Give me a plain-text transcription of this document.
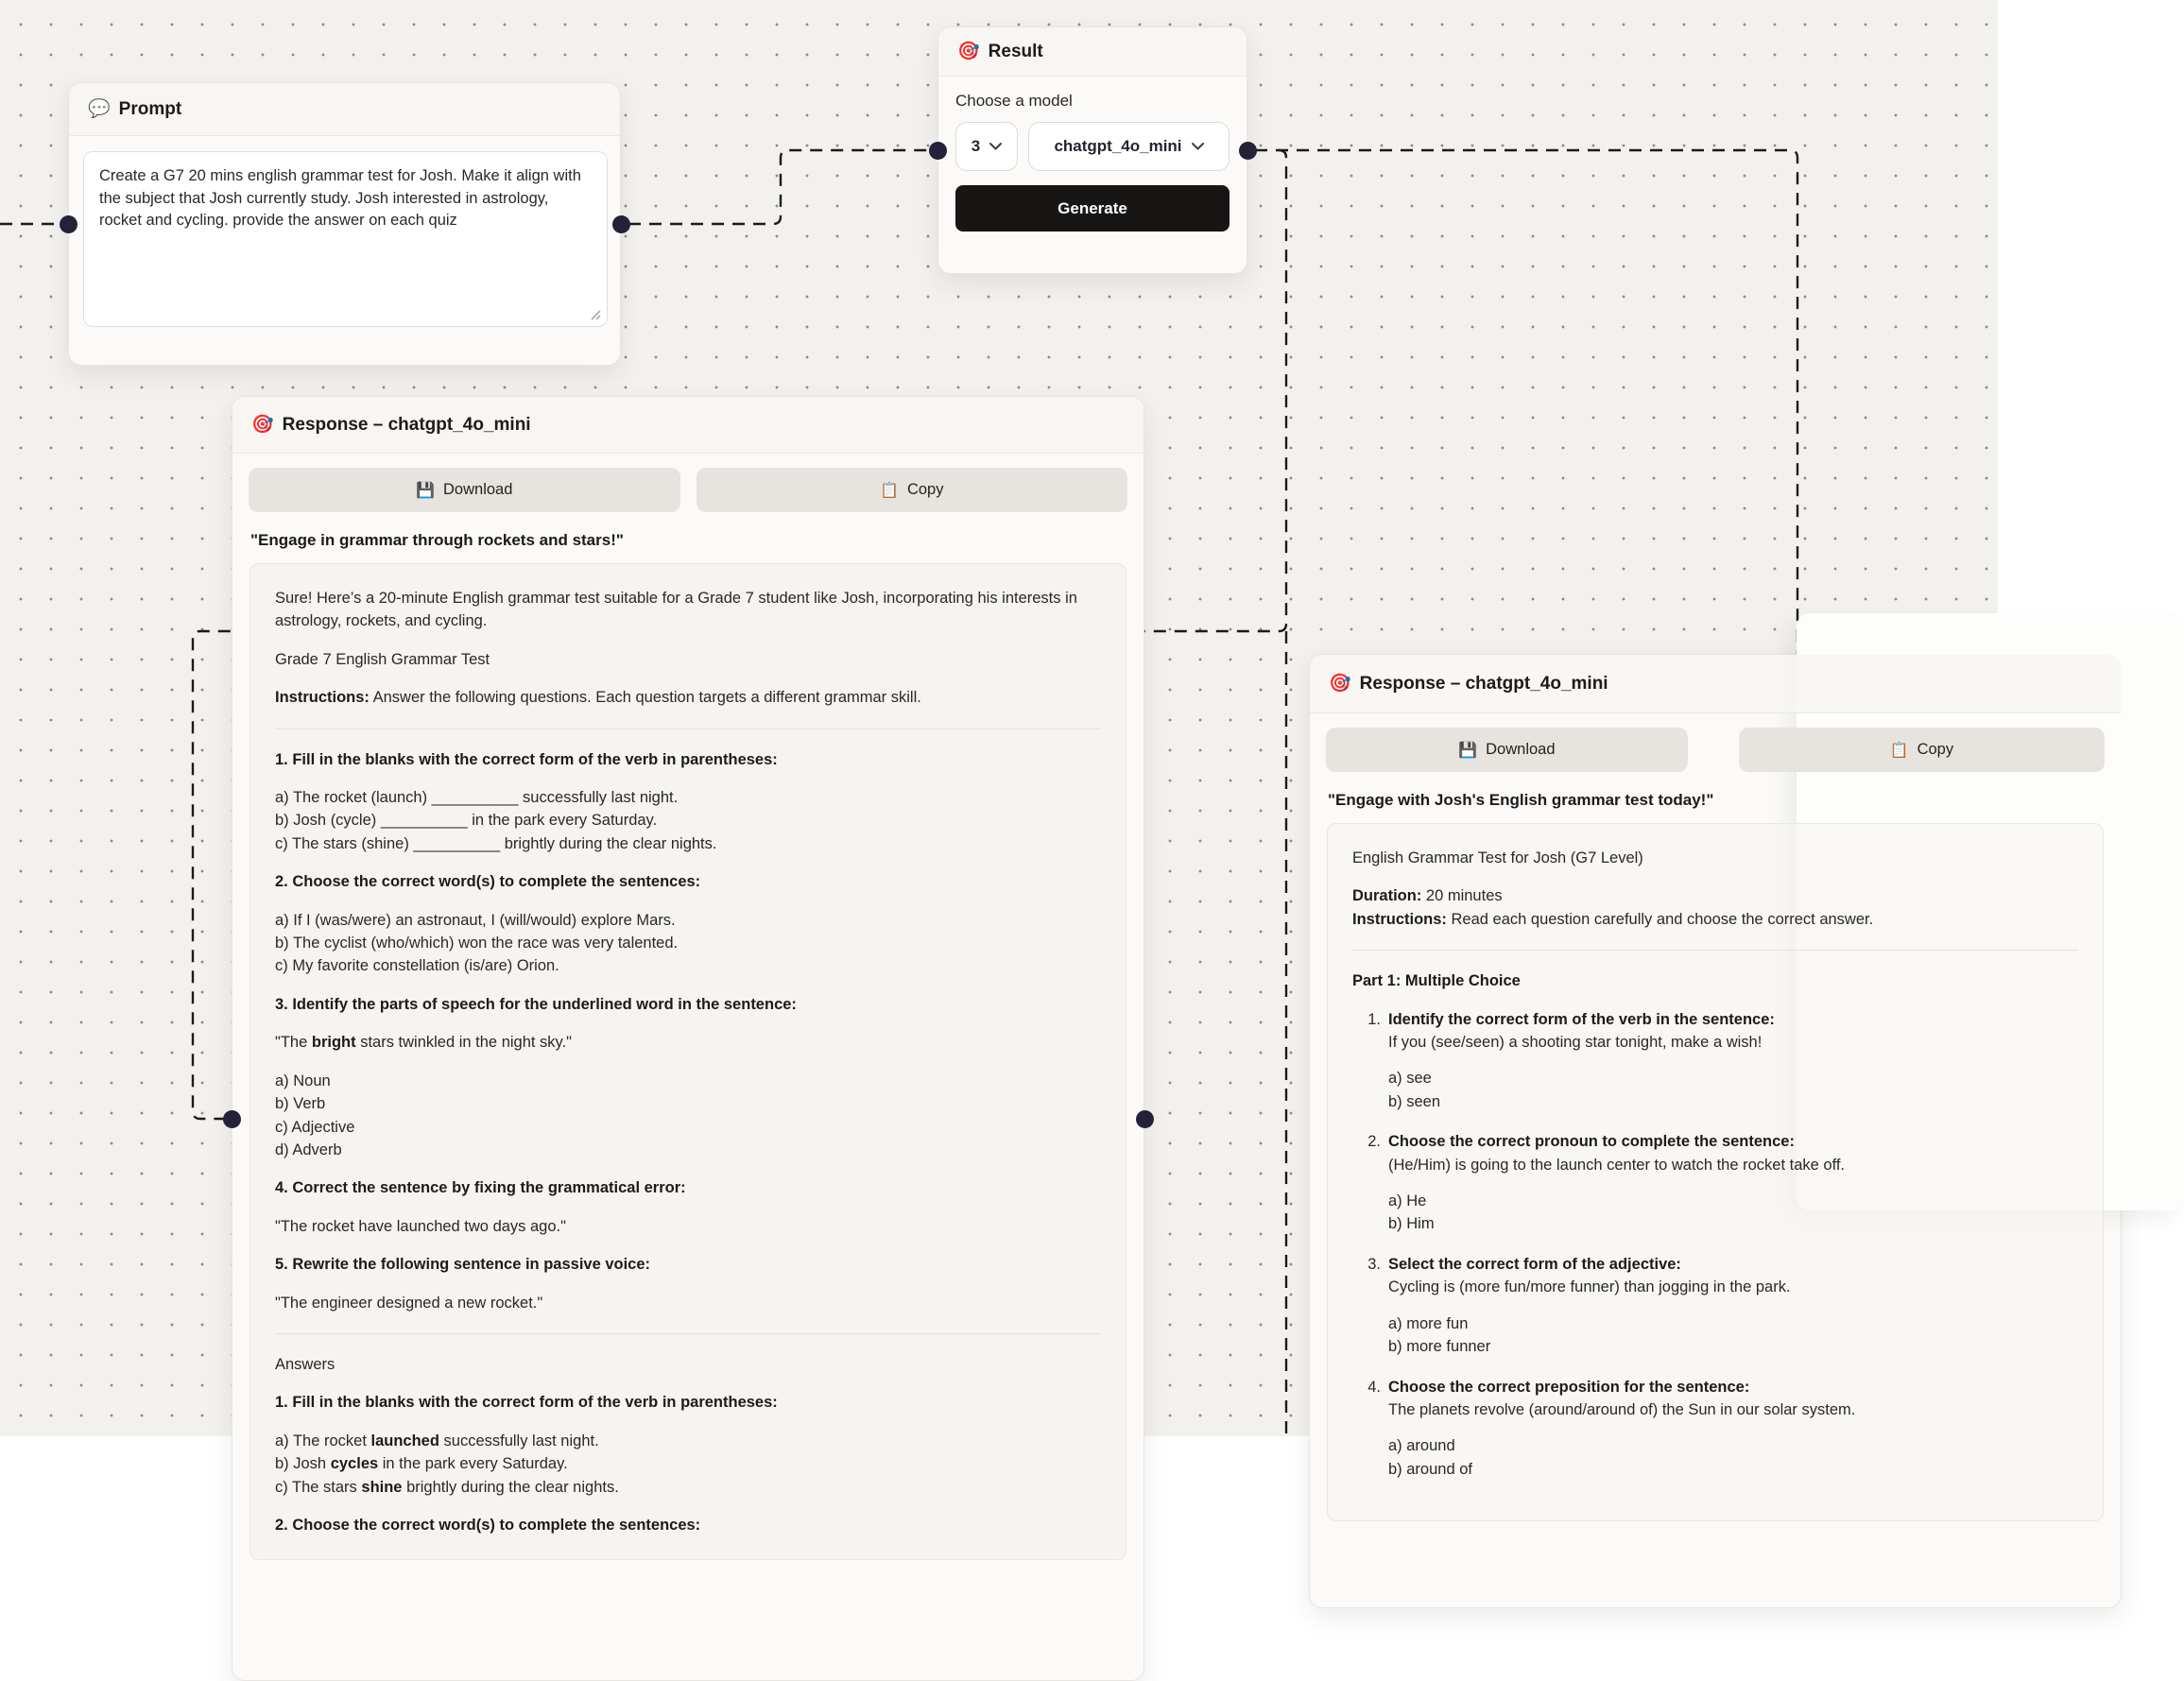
💬 Prompt
Create a G7 20 mins english grammar test for Josh. Make it align with the subject that Josh currently study. Josh interested in astrology, rocket and cycling. provide the answer on each quiz
🎯 Result
Choose a model
3	chatgpt_4o_mini
Generate
🎯 Response – chatgpt_4o_mini
💾 Download	📋 Copy
"Engage in grammar through rockets and stars!"
Sure! Here’s a 20-minute English grammar test suitable for a Grade 7 student like Josh, incorporating his interests in astrology, rockets, and cycling.
Grade 7 English Grammar Test
Instructions: Answer the following questions. Each question targets a different grammar skill.
1. Fill in the blanks with the correct form of the verb in parentheses:
a) The rocket (launch) __________ successfully last night.
b) Josh (cycle) __________ in the park every Saturday.
c) The stars (shine) __________ brightly during the clear nights.
2. Choose the correct word(s) to complete the sentences:
a) If I (was/were) an astronaut, I (will/would) explore Mars.
b) The cyclist (who/which) won the race was very talented.
c) My favorite constellation (is/are) Orion.
3. Identify the parts of speech for the underlined word in the sentence:
"The bright stars twinkled in the night sky."
a) Noun
b) Verb
c) Adjective
d) Adverb
4. Correct the sentence by fixing the grammatical error:
"The rocket have launched two days ago."
5. Rewrite the following sentence in passive voice:
"The engineer designed a new rocket."
Answers
1. Fill in the blanks with the correct form of the verb in parentheses:
a) The rocket launched successfully last night.
b) Josh cycles in the park every Saturday.
c) The stars shine brightly during the clear nights.
2. Choose the correct word(s) to complete the sentences:
🎯 Response – chatgpt_4o_mini
💾 Download	📋 Copy
"Engage with Josh's English grammar test today!"
English Grammar Test for Josh (G7 Level)
Duration: 20 minutes
Instructions: Read each question carefully and choose the correct answer.
Part 1: Multiple Choice
1. Identify the correct form of the verb in the sentence:
If you (see/seen) a shooting star tonight, make a wish!
a) see
b) seen
2. Choose the correct pronoun to complete the sentence:
(He/Him) is going to the launch center to watch the rocket take off.
a) He
b) Him
3. Select the correct form of the adjective:
Cycling is (more fun/more funner) than jogging in the park.
a) more fun
b) more funner
4. Choose the correct preposition for the sentence:
The planets revolve (around/around of) the Sun in our solar system.
a) around
b) around of
